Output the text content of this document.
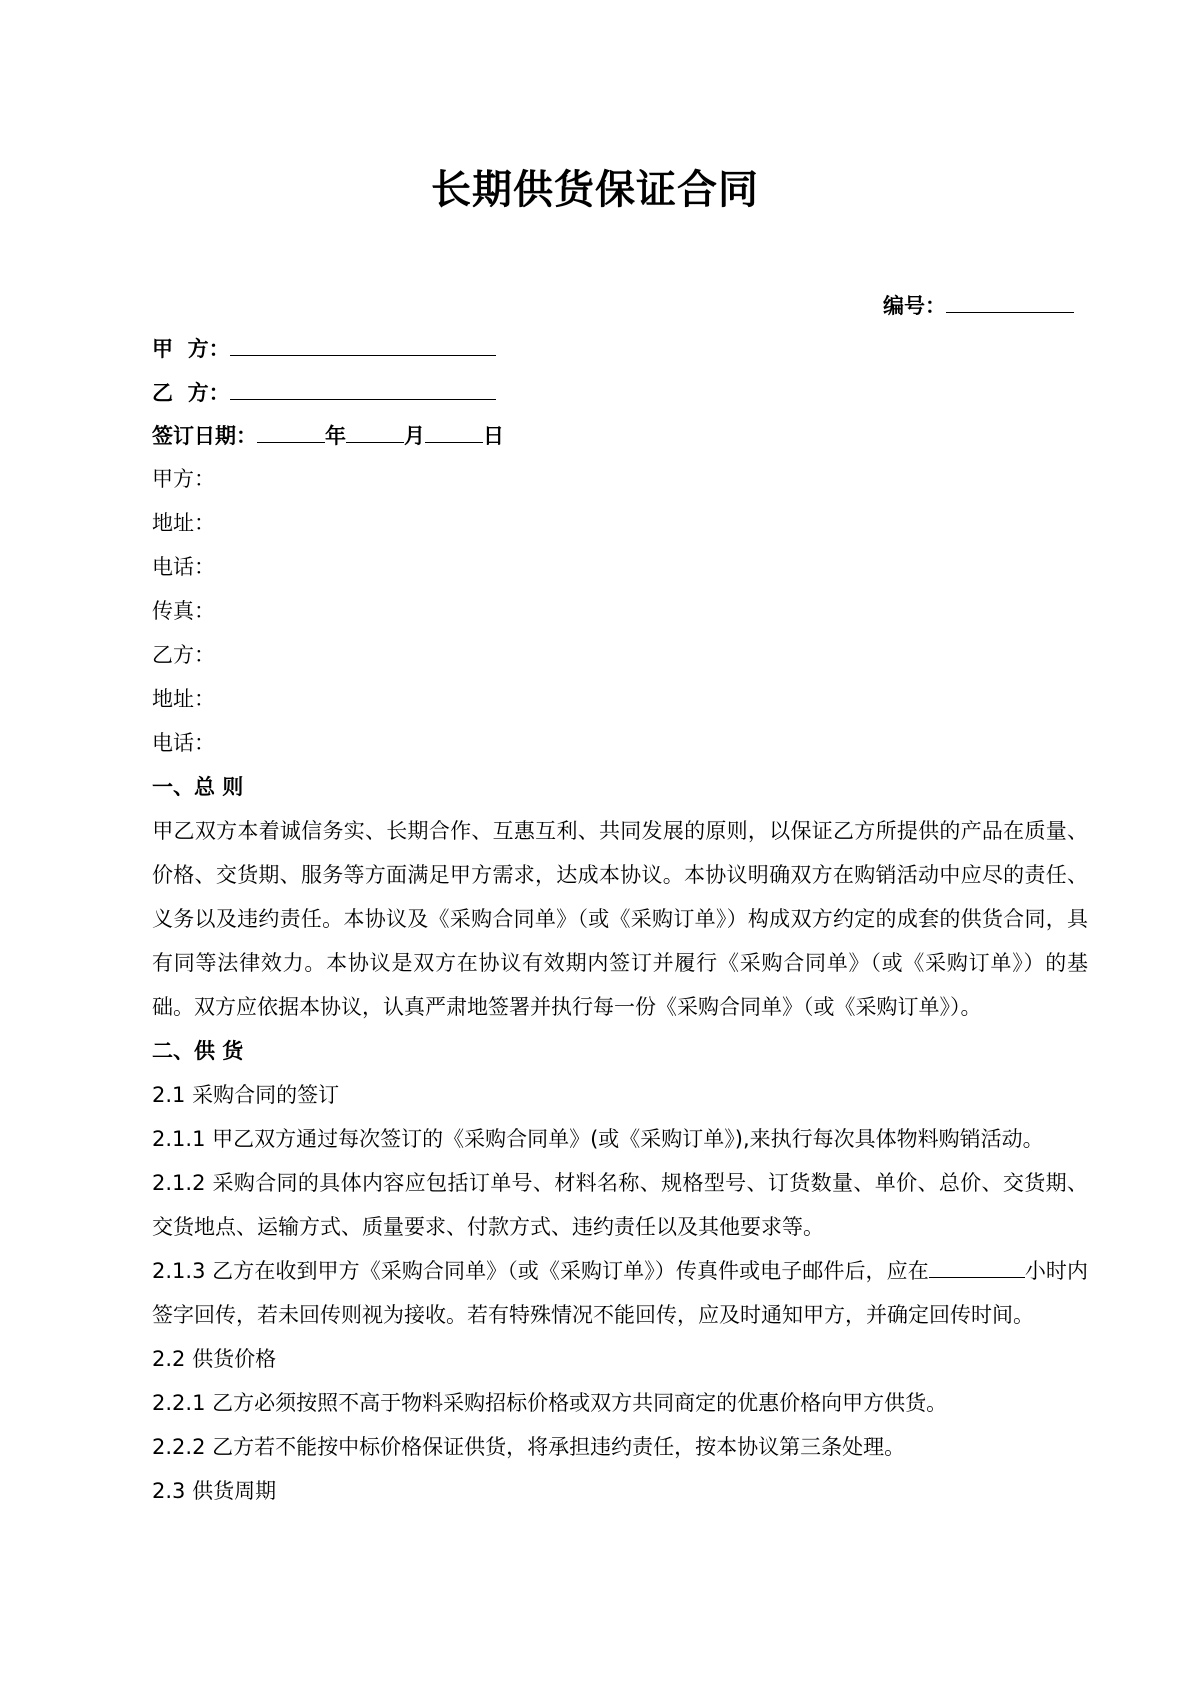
长期供货保证合同
编号：
甲  方：
乙  方：
签订日期：	年	月	日
甲方：
地址：
电话：
传真：
乙方：
地址：
电话：
一、总 则
甲乙双方本着诚信务实、长期合作、互惠互利、共同发展的原则，以保证乙方所提供的产品在质量、价格、交货期、服务等方面满足甲方需求，达成本协议。本协议明确双方在购销活动中应尽的责任、义务以及违约责任。本协议及《采购合同单》（或《采购订单》）构成双方约定的成套的供货合同，具有同等法律效力。本协议是双方在协议有效期内签订并履行《采购合同单》（或《采购订单》）的基础。双方应依据本协议，认真严肃地签署并执行每一份《采购合同单》（或《采购订单》）。
二、供 货
2.1 采购合同的签订
2.1.1 甲乙双方通过每次签订的《采购合同单》(或《采购订单》),来执行每次具体物料购销活动。
2.1.2 采购合同的具体内容应包括订单号、材料名称、规格型号、订货数量、单价、总价、交货期、交货地点、运输方式、质量要求、付款方式、违约责任以及其他要求等。
2.1.3 乙方在收到甲方《采购合同单》（或《采购订单》）传真件或电子邮件后，应在	小时内签字回传，若未回传则视为接收。若有特殊情况不能回传，应及时通知甲方，并确定回传时间。
2.2 供货价格
2.2.1 乙方必须按照不高于物料采购招标价格或双方共同商定的优惠价格向甲方供货。
2.2.2 乙方若不能按中标价格保证供货，将承担违约责任，按本协议第三条处理。
2.3 供货周期
